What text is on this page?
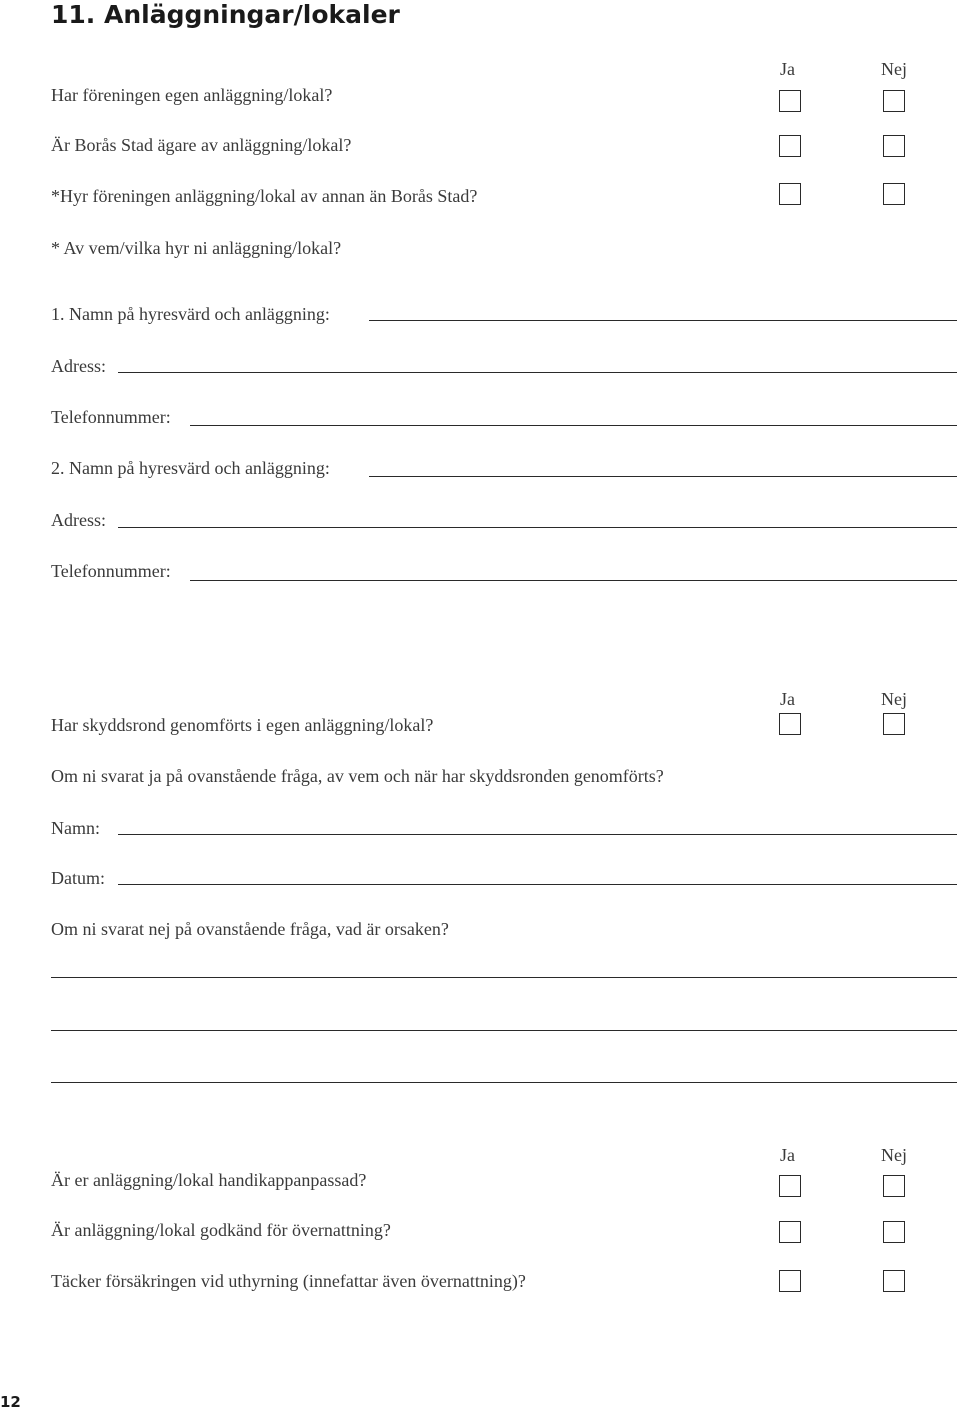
11. Anläggningar/lokaler
Ja	Nej
Har föreningen egen anläggning/lokal?
Är Borås Stad ägare av anläggning/lokal?
*Hyr föreningen anläggning/lokal av annan än Borås Stad?
* Av vem/vilka hyr ni anläggning/lokal?
1. Namn på hyresvärd och anläggning:
Adress:
Telefonnummer:
2. Namn på hyresvärd och anläggning:
Adress:
Telefonnummer:
Ja	Nej
Har skyddsrond genomförts i egen anläggning/lokal?
Om ni svarat ja på ovanstående fråga, av vem och när har skyddsronden genomförts?
Namn:
Datum:
Om ni svarat nej på ovanstående fråga, vad är orsaken?
Ja	Nej
Är er anläggning/lokal handikappanpassad?
Är anläggning/lokal godkänd för övernattning?
Täcker försäkringen vid uthyrning (innefattar även övernattning)?
12
